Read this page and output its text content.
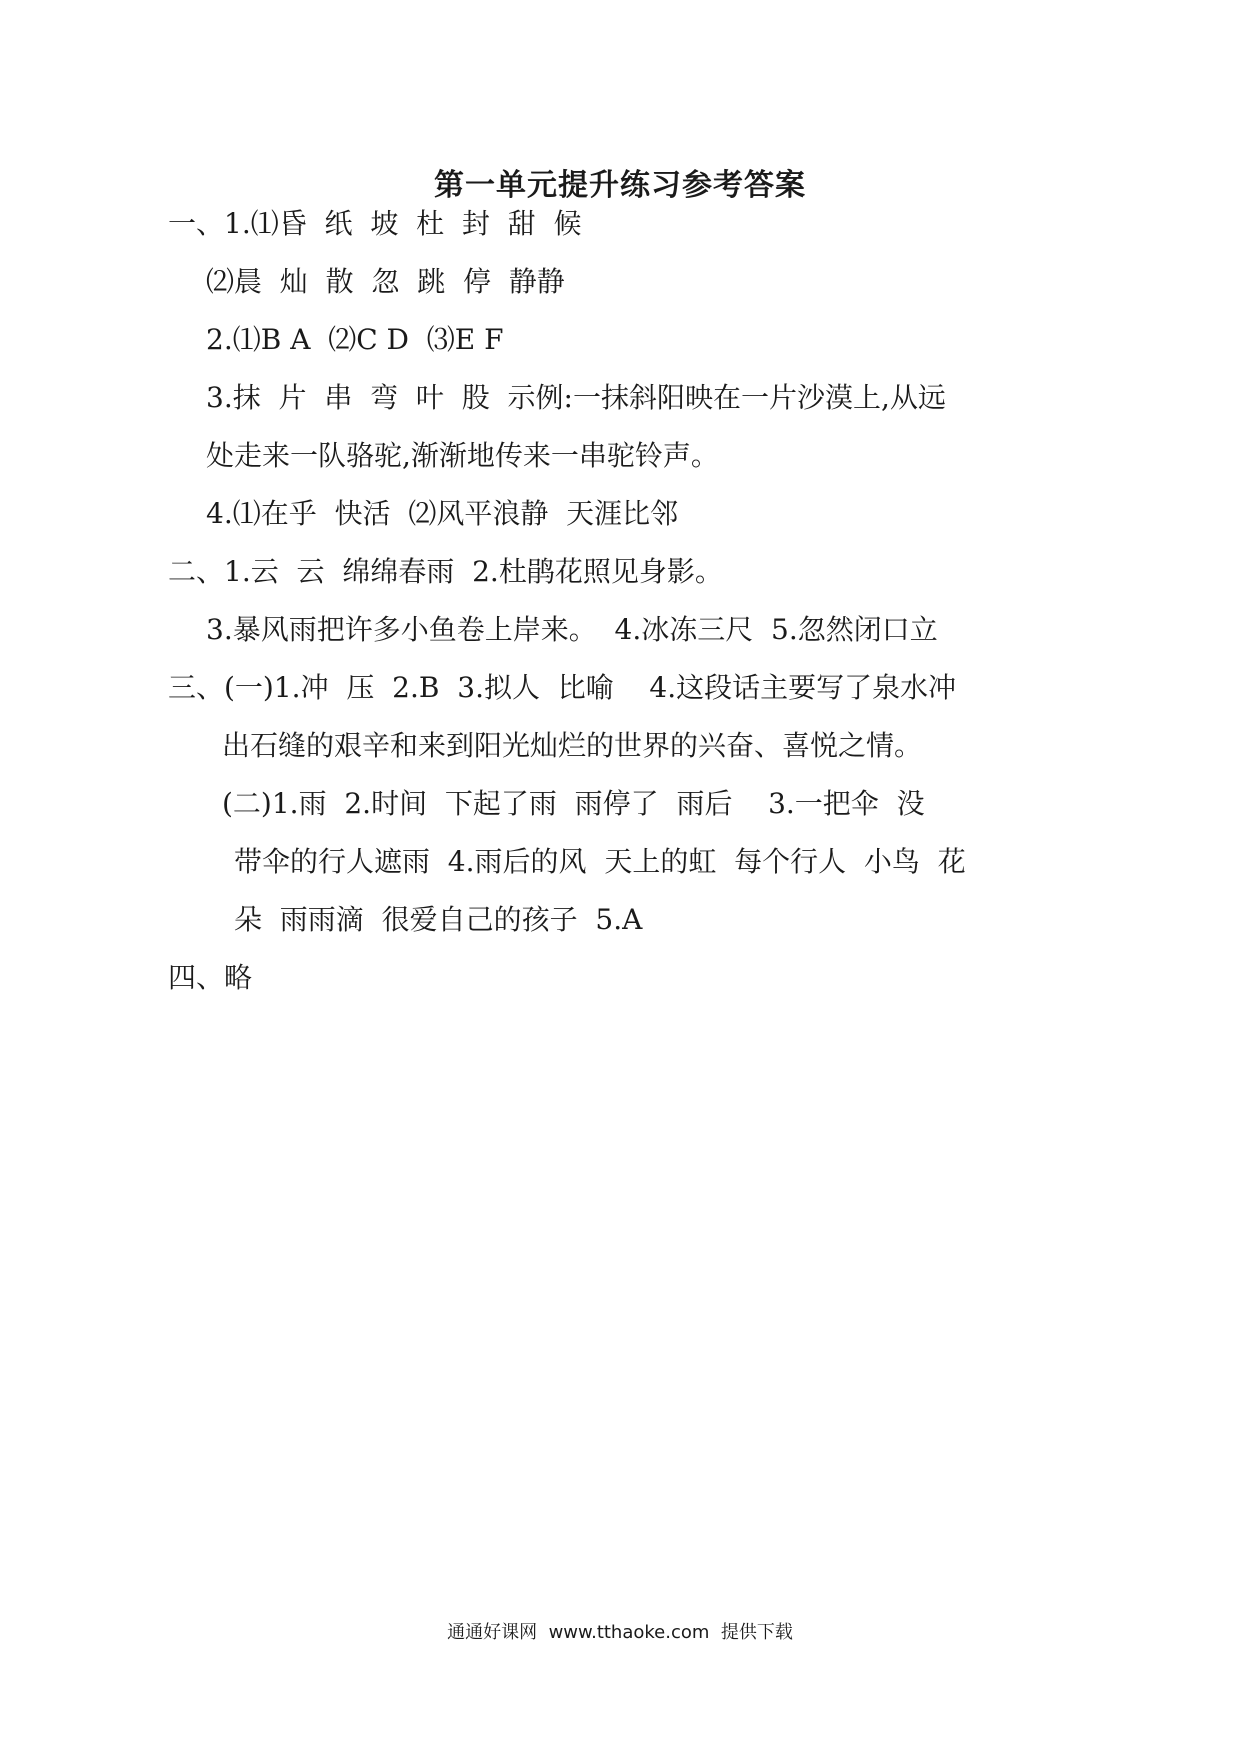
第一单元提升练习参考答案
一、1.⑴昏  纸  坡  杜  封  甜  候
⑵晨  灿  散  忽  跳  停  静静
2.⑴B A  ⑵C D  ⑶E F
3.抹  片  串  弯  叶  股  示例:一抹斜阳映在一片沙漠上,从远
处走来一队骆驼,渐渐地传来一串驼铃声。
4.⑴在乎  快活  ⑵风平浪静  天涯比邻
二、1.云  云  绵绵春雨  2.杜鹃花照见身影。
3.暴风雨把许多小鱼卷上岸来。  4.冰冻三尺  5.忽然闭口立
三、(一)1.冲  压  2.B  3.拟人  比喻    4.这段话主要写了泉水冲
出石缝的艰辛和来到阳光灿烂的世界的兴奋、喜悦之情。
(二)1.雨  2.时间  下起了雨  雨停了  雨后    3.一把伞  没
带伞的行人遮雨  4.雨后的风  天上的虹  每个行人  小鸟  花
朵  雨雨滴  很爱自己的孩子  5.A
四、略
通通好课网  www.tthaoke.com  提供下载
